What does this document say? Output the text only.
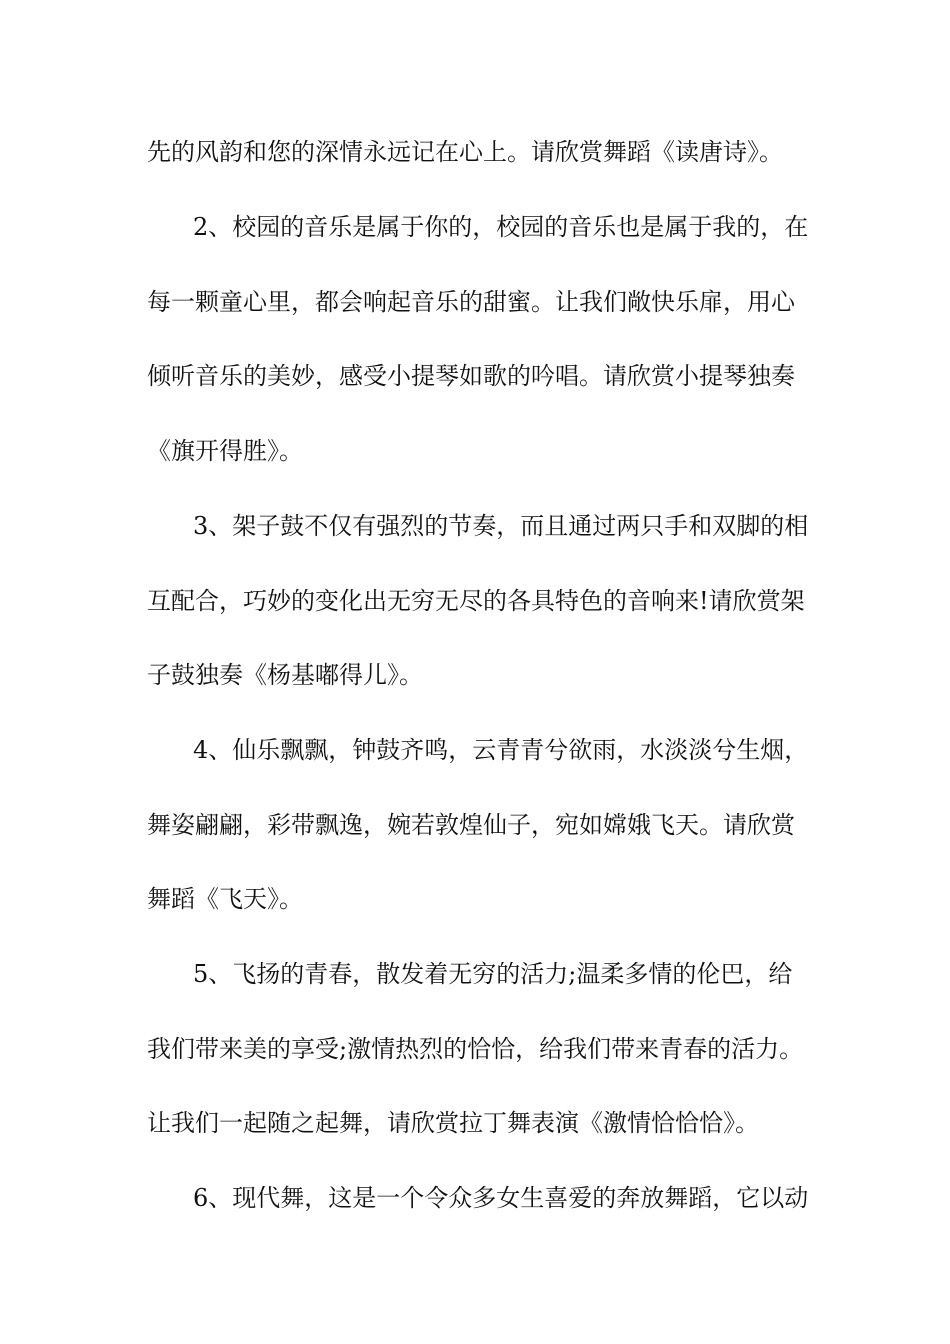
先的风韵和您的深情永远记在心上。请欣赏舞蹈《读唐诗》。
2、校园的音乐是属于你的，校园的音乐也是属于我的，在
每一颗童心里，都会响起音乐的甜蜜。让我们敞快乐扉，用心
倾听音乐的美妙，感受小提琴如歌的吟唱。请欣赏小提琴独奏
《旗开得胜》。
3、架子鼓不仅有强烈的节奏，而且通过两只手和双脚的相
互配合，巧妙的变化出无穷无尽的各具特色的音响来!请欣赏架
子鼓独奏《杨基嘟得儿》。
4、仙乐飘飘，钟鼓齐鸣，云青青兮欲雨，水淡淡兮生烟，
舞姿翩翩，彩带飘逸，婉若敦煌仙子，宛如嫦娥飞天。请欣赏
舞蹈《飞天》。
5、飞扬的青春，散发着无穷的活力;温柔多情的伦巴，给
我们带来美的享受;激情热烈的恰恰，给我们带来青春的活力。
让我们一起随之起舞，请欣赏拉丁舞表演《激情恰恰恰》。
6、现代舞，这是一个令众多女生喜爱的奔放舞蹈，它以动
